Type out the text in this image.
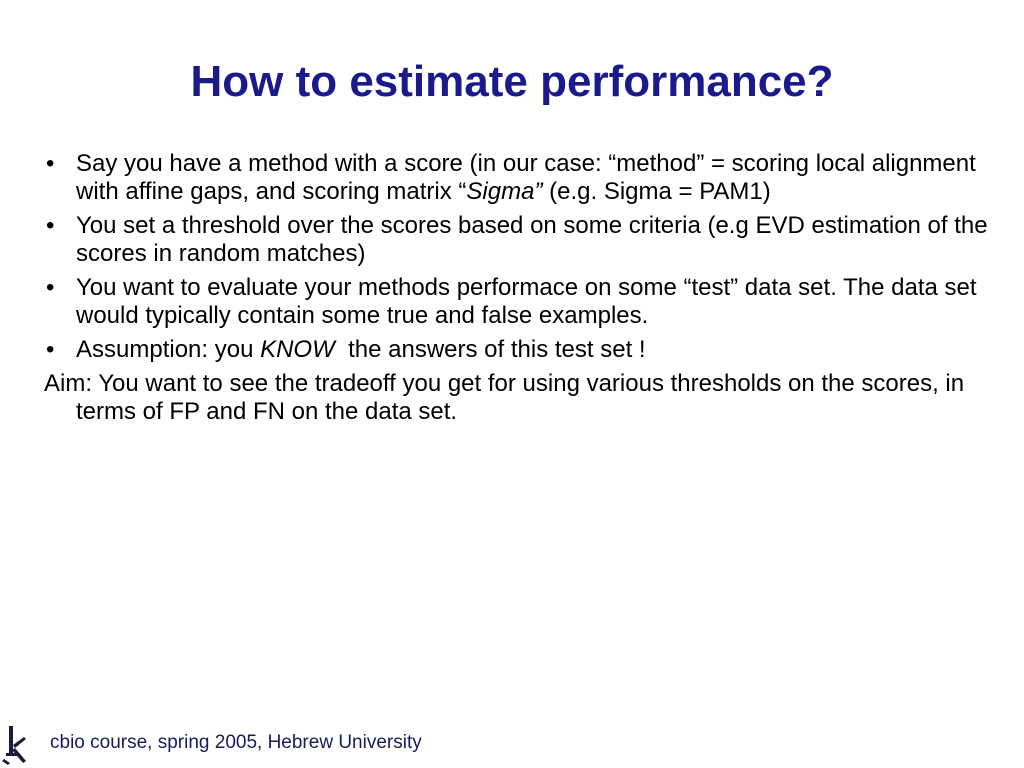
How to estimate performance?
• Say you have a method with a score (in our case: “method” = scoring local alignment with affine gaps, and scoring matrix “Sigma” (e.g. Sigma = PAM1)
• You set a threshold over the scores based on some criteria (e.g EVD estimation of the scores in random matches)
• You want to evaluate your methods performace on some “test” data set. The data set would typically contain some true and false examples.
• Assumption: you KNOW  the answers of this test set !
Aim: You want to see the tradeoff you get for using various thresholds on the scores, in terms of FP and FN on the data set.
cbio course, spring 2005, Hebrew University
